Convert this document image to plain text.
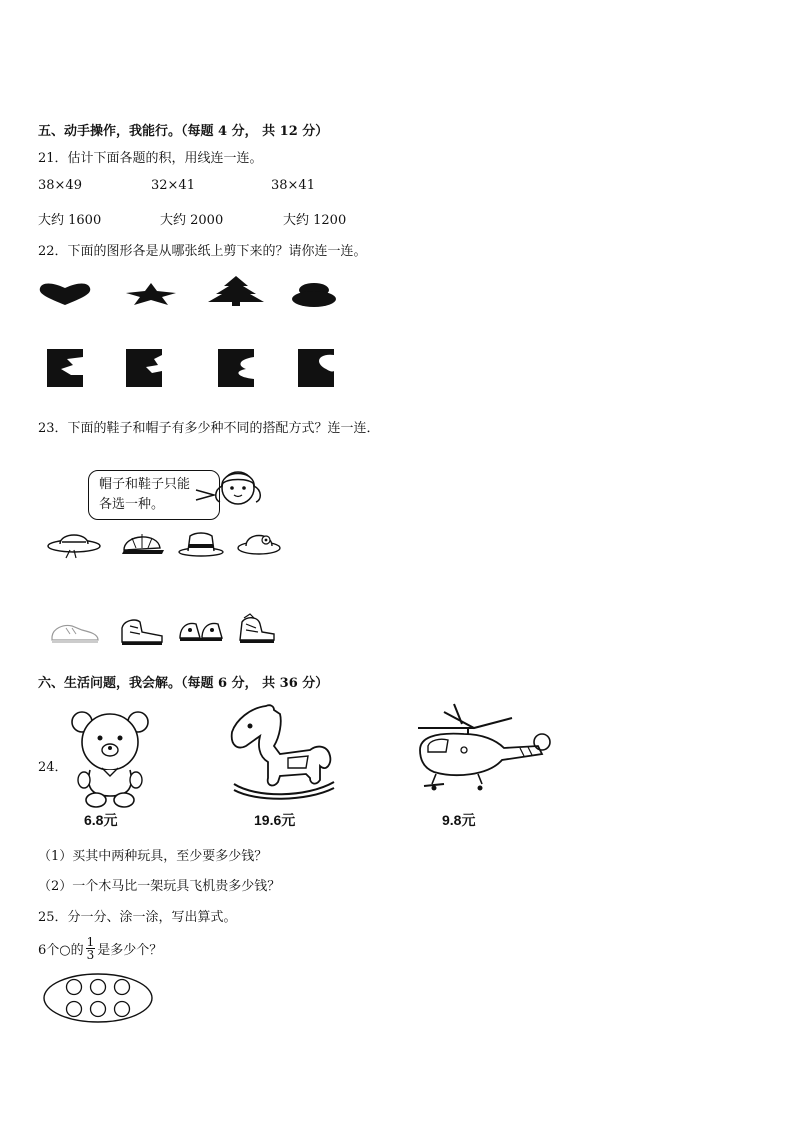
五、动手操作，我能行。（每题 4 分， 共 12 分）
21．估计下面各题的积，用线连一连。
38×49	32×41	38×41
大约 1600	大约 2000	大约 1200
22．下面的图形各是从哪张纸上剪下来的？请你连一连。
23．下面的鞋子和帽子有多少种不同的搭配方式？连一连．
帽子和鞋子只能
各选一种。
六、生活问题，我会解。（每题 6 分， 共 36 分）
24．
6.8元	19.6元	9.8元
（1）买其中两种玩具，至少要多少钱？
（2）一个木马比一架玩具飞机贵多少钱？
25．分一分、涂一涂，写出算式。
6个○的 $\frac{1}{3}$ 是多少个？
